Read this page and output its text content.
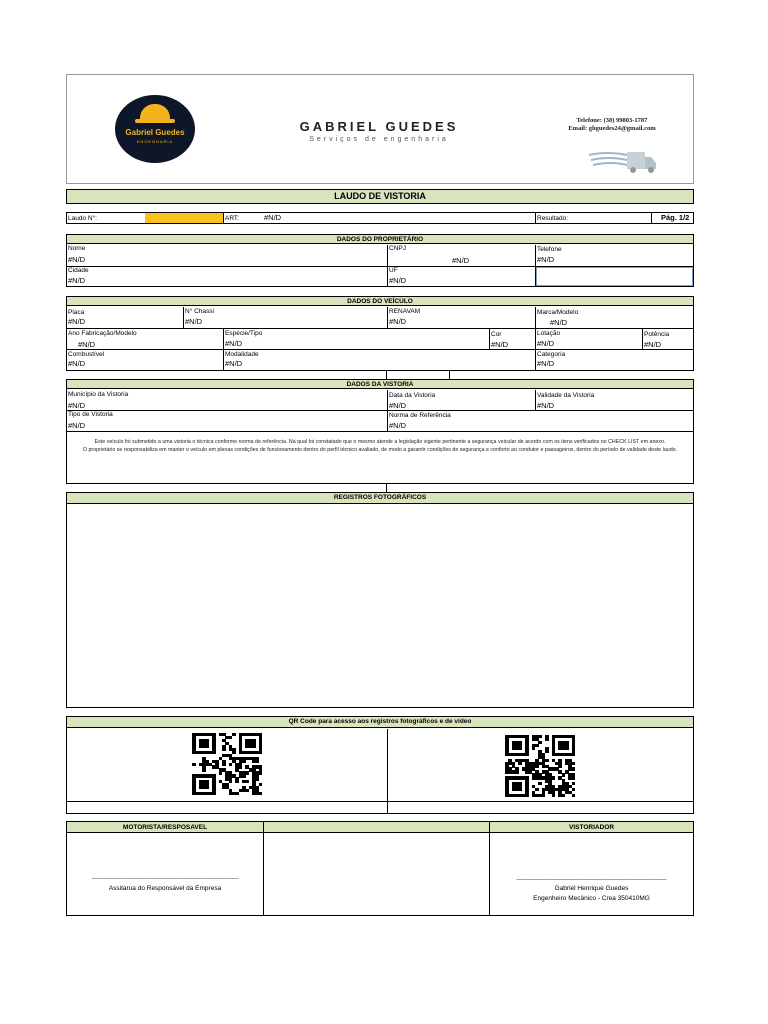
Gabriel Guedes
ENGENHARIA
GABRIEL GUEDES
Serviços de engenharia
Telefone: (38) 99803-1787
Email: ghguedes24@gmail.com
LAUDO DE VISTORIA
Laudo N°:	ART:	#N/D	Resultado:	Pág. 1/2
DADOS DO PROPRIETÁRIO
Nome
#N/D
CNPJ
#N/D
Telefone
#N/D
Cidade
#N/D
UF
#N/D
DADOS DO VEÍCULO
Placa
#N/D
N° Chassi
#N/D
RENAVAM
#N/D
Marca/Modelo
#N/D
Ano Fabricação/Modelo
#N/D
Espécie/Tipo
#N/D
Cor
#N/D
Lotação
#N/D
Potência
#N/D
Combustível
#N/D
Modalidade
#N/D
Categoria
#N/D
DADOS DA VISTORIA
Município da Vistoria
#N/D
Data da Vistoria
#N/D
Validade da Vistoria
#N/D
Tipo de Vistoria
#N/D
Norma de Referência
#N/D
Este veículo foi submetido a uma vistoria o técnica conforme norma de referência. Na qual foi constatado que o mesmo atende a legislação vigente pertinente a segurança veicular de acordo com os itens verificados no CHECK LIST em anexo.
O proprietário se responsabiliza em manter o veículo em plenas condições de funcionamento dentro do perfil técnico avaliado, de modo a garantir condições de segurança e conforto ao condutor e passageiros, dentro do período de validade deste laudo.
REGISTROS FOTOGRÁFICOS
QR Code para acesso aos registros fotográficos e de vídeo
MOTORISTA/RESPOSAVEL	VISTORIADOR
________________________________________________
Assitarua do Responsável da Empresa
_________________________________________________
Gabriel Henrique Guedes
Engenheiro Mecânico - Crea 350410MG
